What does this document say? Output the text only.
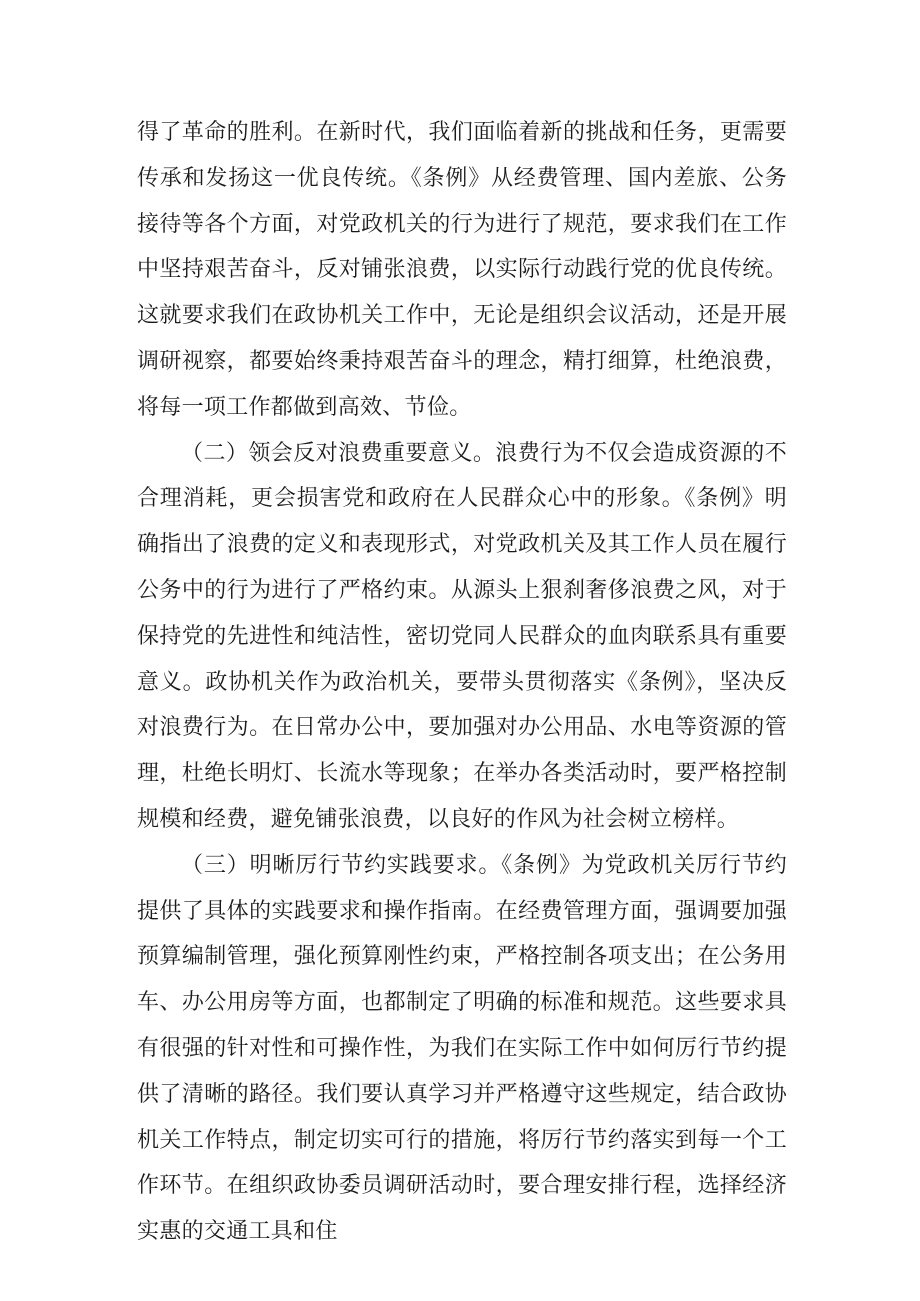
得了革命的胜利。在新时代，我们面临着新的挑战和任务，更需要传承和发扬这一优良传统。《条例》从经费管理、国内差旅、公务接待等各个方面，对党政机关的行为进行了规范，要求我们在工作中坚持艰苦奋斗，反对铺张浪费，以实际行动践行党的优良传统。这就要求我们在政协机关工作中，无论是组织会议活动，还是开展调研视察，都要始终秉持艰苦奋斗的理念，精打细算，杜绝浪费，将每一项工作都做到高效、节俭。

（二）领会反对浪费重要意义。浪费行为不仅会造成资源的不合理消耗，更会损害党和政府在人民群众心中的形象。《条例》明确指出了浪费的定义和表现形式，对党政机关及其工作人员在履行公务中的行为进行了严格约束。从源头上狠刹奢侈浪费之风，对于保持党的先进性和纯洁性，密切党同人民群众的血肉联系具有重要意义。政协机关作为政治机关，要带头贯彻落实《条例》，坚决反对浪费行为。在日常办公中，要加强对办公用品、水电等资源的管理，杜绝长明灯、长流水等现象；在举办各类活动时，要严格控制规模和经费，避免铺张浪费，以良好的作风为社会树立榜样。

（三）明晰厉行节约实践要求。《条例》为党政机关厉行节约提供了具体的实践要求和操作指南。在经费管理方面，强调要加强预算编制管理，强化预算刚性约束，严格控制各项支出；在公务用车、办公用房等方面，也都制定了明确的标准和规范。这些要求具有很强的针对性和可操作性，为我们在实际工作中如何厉行节约提供了清晰的路径。我们要认真学习并严格遵守这些规定，结合政协机关工作特点，制定切实可行的措施，将厉行节约落实到每一个工作环节。在组织政协委员调研活动时，要合理安排行程，选择经济实惠的交通工具和住
